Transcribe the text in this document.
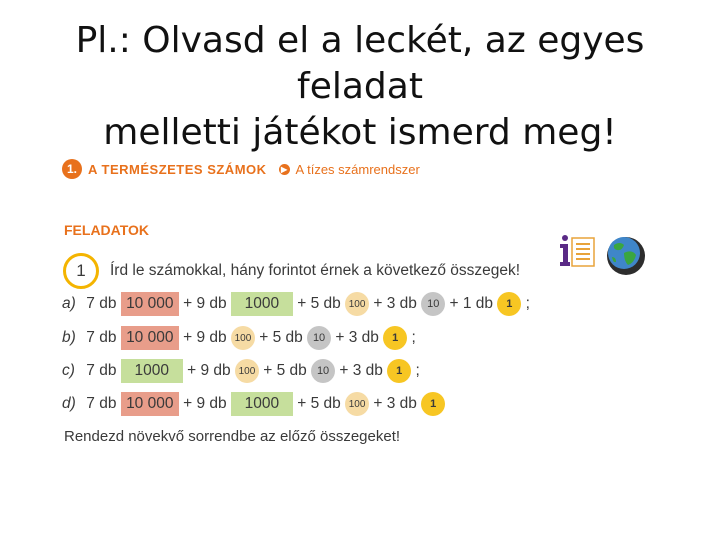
Pl.: Olvasd el a leckét, az egyes feladat
melletti játékot ismerd meg!
1. A TERMÉSZETES SZÁMOK	▶ A tízes számrendszer
FELADATOK
1	Írd le számokkal, hány forintot érnek a következő összegek!
a) 7 db 10 000 + 9 db 1000 + 5 db 100 + 3 db 10 + 1 db 1 ;
b) 7 db 10 000 + 9 db 100 + 5 db 10 + 3 db 1 ;
c) 7 db 1000 + 9 db 100 + 5 db 10 + 3 db 1 ;
d) 7 db 10 000 + 9 db 1000 + 5 db 100 + 3 db 1
Rendezd növekvő sorrendbe az előző összegeket!
